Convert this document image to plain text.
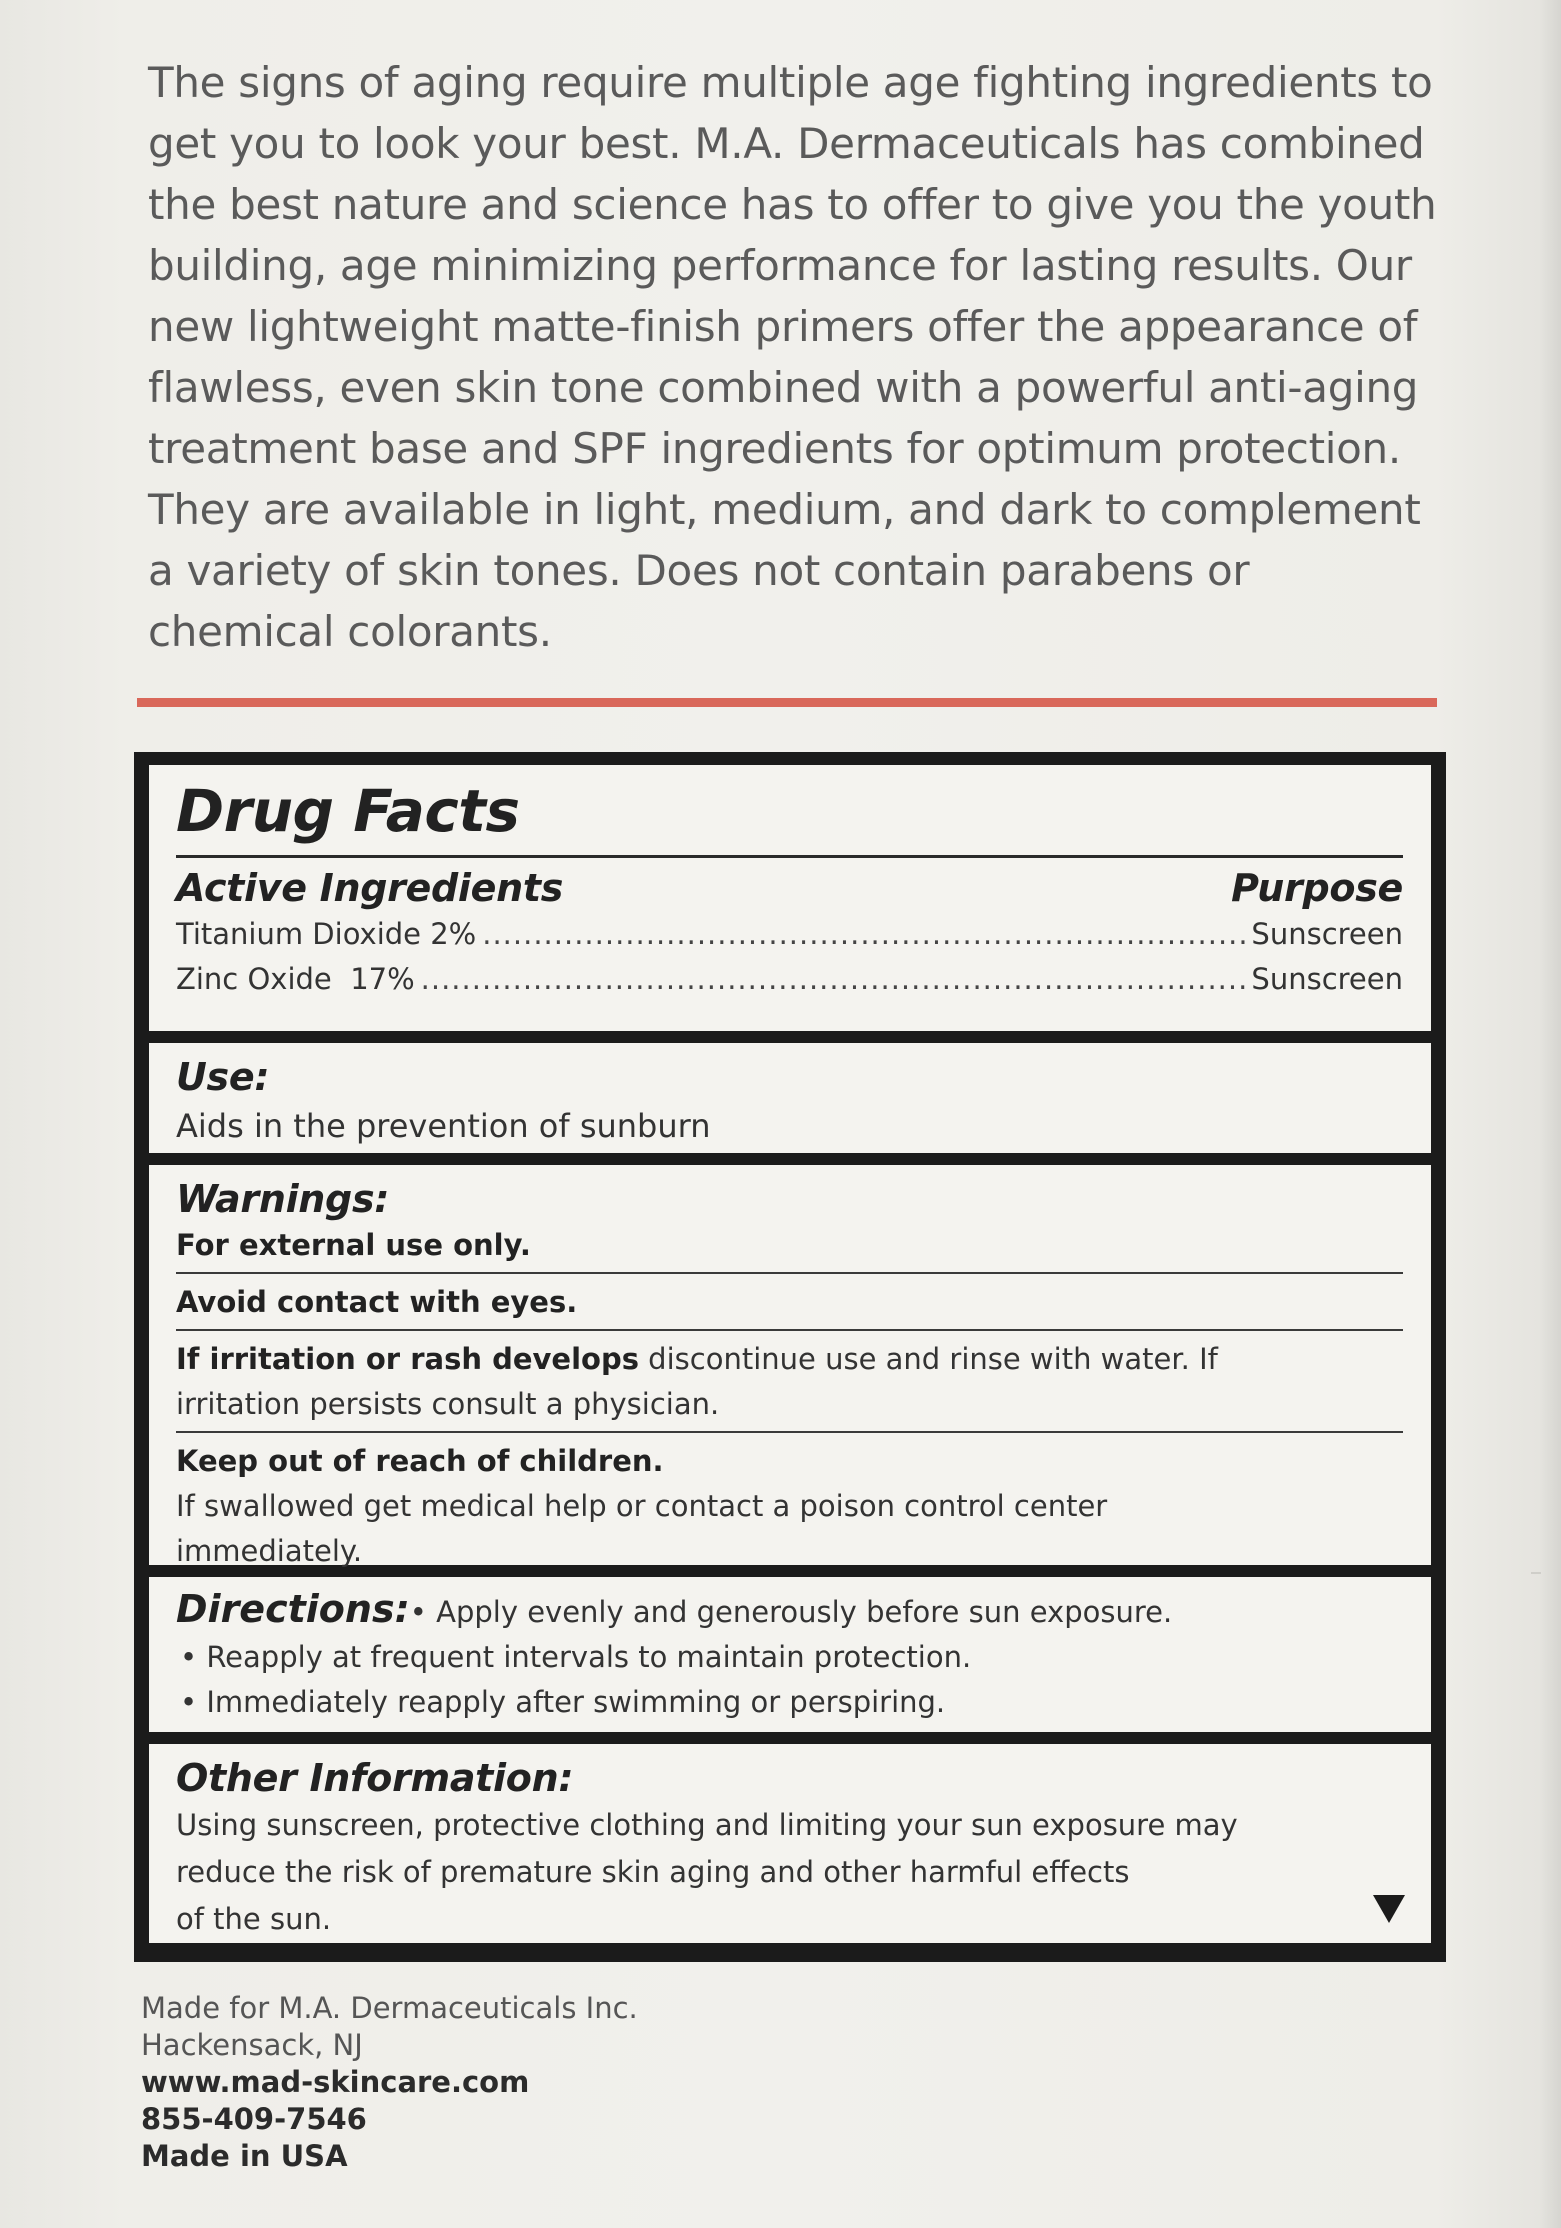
The signs of aging require multiple age fighting ingredients to
get you to look your best. M.A. Dermaceuticals has combined
the best nature and science has to offer to give you the youth
building, age minimizing performance for lasting results. Our
new lightweight matte-finish primers offer the appearance of
flawless, even skin tone combined with a powerful anti-aging
treatment base and SPF ingredients for optimum protection.
They are available in light, medium, and dark to complement
a variety of skin tones. Does not contain parabens or
chemical colorants.
Drug Facts
Active Ingredients	Purpose
Titanium Dioxide 2% .....	Sunscreen
Zinc Oxide  17% .....	Sunscreen
Use:
Aids in the prevention of sunburn
Warnings:
For external use only.
Avoid contact with eyes.
If irritation or rash develops discontinue use and rinse with water. If
irritation persists consult a physician.
Keep out of reach of children.
If swallowed get medical help or contact a poison control center
immediately.
Directions:• Apply evenly and generously before sun exposure.
• Reapply at frequent intervals to maintain protection.
• Immediately reapply after swimming or perspiring.
Other Information:
Using sunscreen, protective clothing and limiting your sun exposure may
reduce the risk of premature skin aging and other harmful effects
of the sun.
Made for M.A. Dermaceuticals Inc.
Hackensack, NJ
www.mad-skincare.com
855-409-7546
Made in USA
